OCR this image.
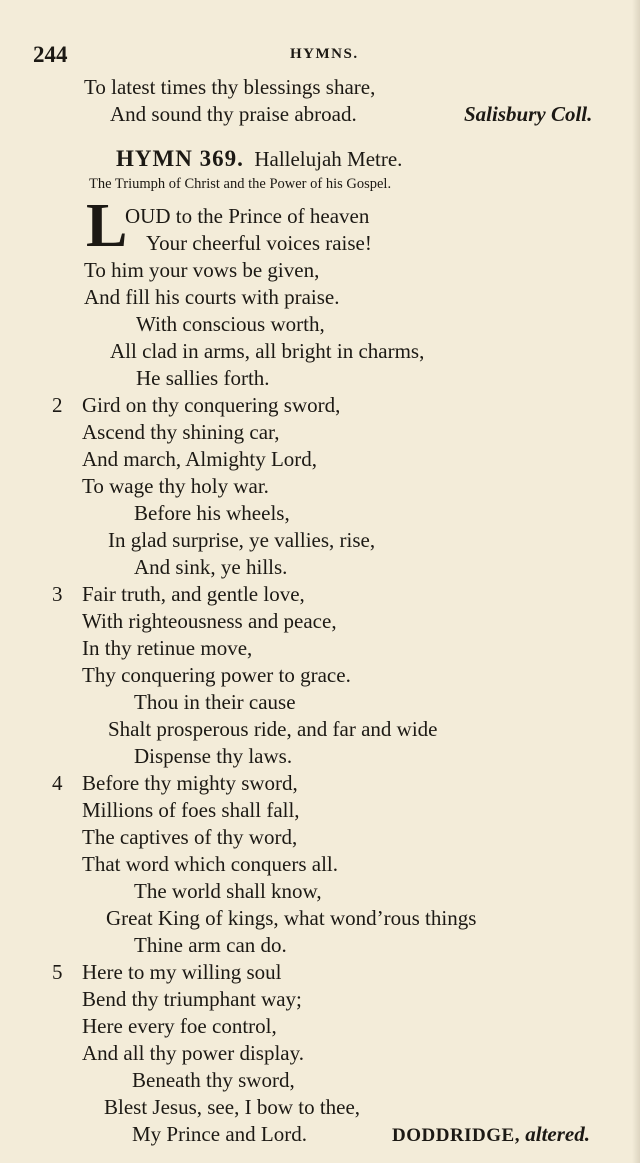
244	HYMNS.
To latest times thy blessings share,
And sound thy praise abroad.	Salisbury Coll.
HYMN 369. Hallelujah Metre.
The Triumph of Christ and the Power of his Gospel.
L
OUD to the Prince of heaven
Your cheerful voices raise!
To him your vows be given,
And fill his courts with praise.
With conscious worth,
All clad in arms, all bright in charms,
He sallies forth.
2 Gird on thy conquering sword,
Ascend thy shining car,
And march, Almighty Lord,
To wage thy holy war.
Before his wheels,
In glad surprise, ye vallies, rise,
And sink, ye hills.
3 Fair truth, and gentle love,
With righteousness and peace,
In thy retinue move,
Thy conquering power to grace.
Thou in their cause
Shalt prosperous ride, and far and wide
Dispense thy laws.
4 Before thy mighty sword,
Millions of foes shall fall,
The captives of thy word,
That word which conquers all.
The world shall know,
Great King of kings, what wond’rous things
Thine arm can do.
5 Here to my willing soul
Bend thy triumphant way;
Here every foe control,
And all thy power display.
Beneath thy sword,
Blest Jesus, see, I bow to thee,
My Prince and Lord.	DODDRIDGE, altered.
